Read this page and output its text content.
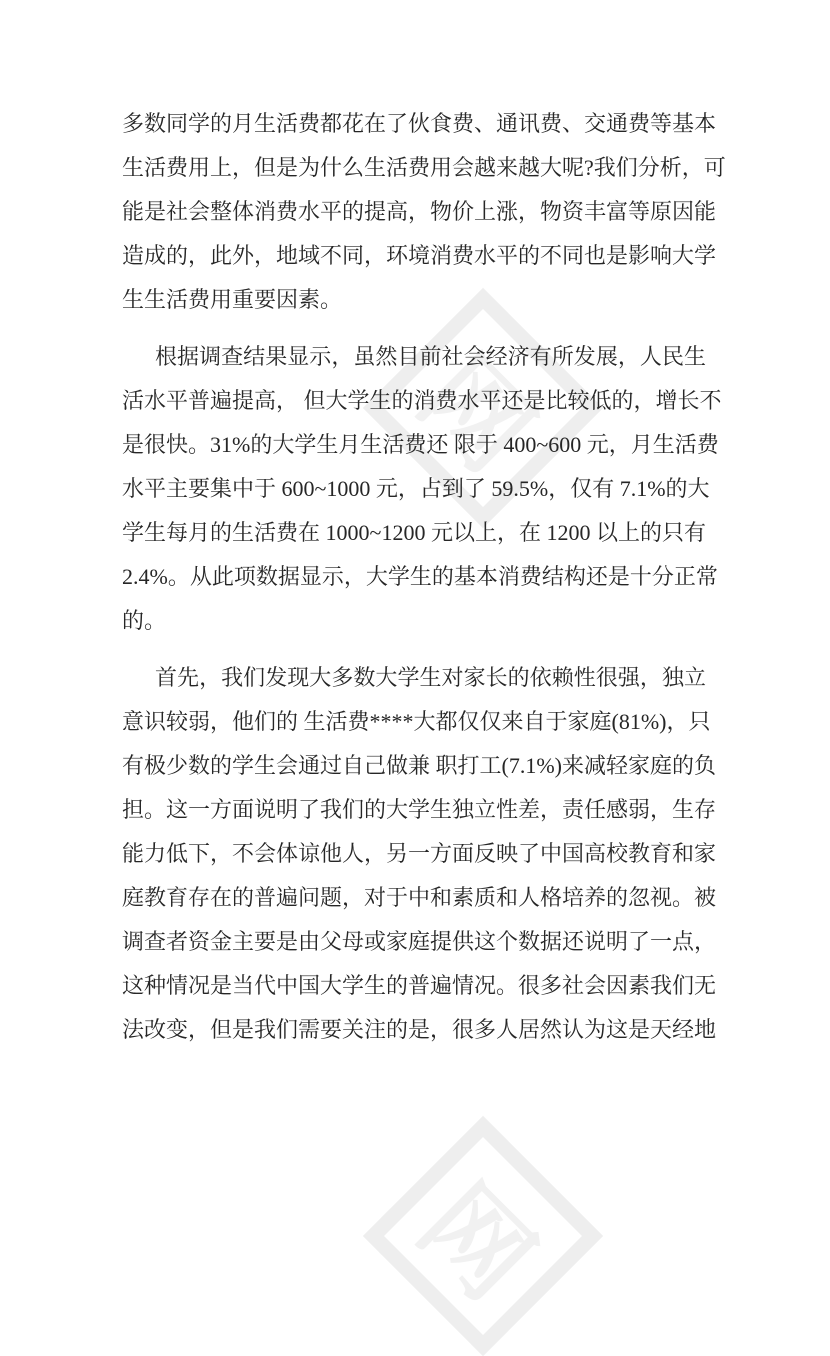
网
网
多数同学的月生活费都花在了伙食费、通讯费、交通费等基本
生活费用上，但是为什么生活费用会越来越大呢?我们分析，可
能是社会整体消费水平的提高，物价上涨，物资丰富等原因能
造成的，此外，地域不同，环境消费水平的不同也是影响大学
生生活费用重要因素。
根据调查结果显示，虽然目前社会经济有所发展，人民生
活水平普遍提高， 但大学生的消费水平还是比较低的，增长不
是很快。31%的大学生月生活费还 限于 400~600 元，月生活费
水平主要集中于 600~1000 元，占到了 59.5%，仅有 7.1%的大
学生每月的生活费在 1000~1200 元以上，在 1200 以上的只有
2.4%。从此项数据显示，大学生的基本消费结构还是十分正常
的。
首先，我们发现大多数大学生对家长的依赖性很强，独立
意识较弱，他们的 生活费****大都仅仅来自于家庭(81%)，只
有极少数的学生会通过自己做兼 职打工(7.1%)来减轻家庭的负
担。这一方面说明了我们的大学生独立性差，责任感弱，生存
能力低下，不会体谅他人，另一方面反映了中国高校教育和家
庭教育存在的普遍问题，对于中和素质和人格培养的忽视。被
调查者资金主要是由父母或家庭提供这个数据还说明了一点，
这种情况是当代中国大学生的普遍情况。很多社会因素我们无
法改变，但是我们需要关注的是，很多人居然认为这是天经地
